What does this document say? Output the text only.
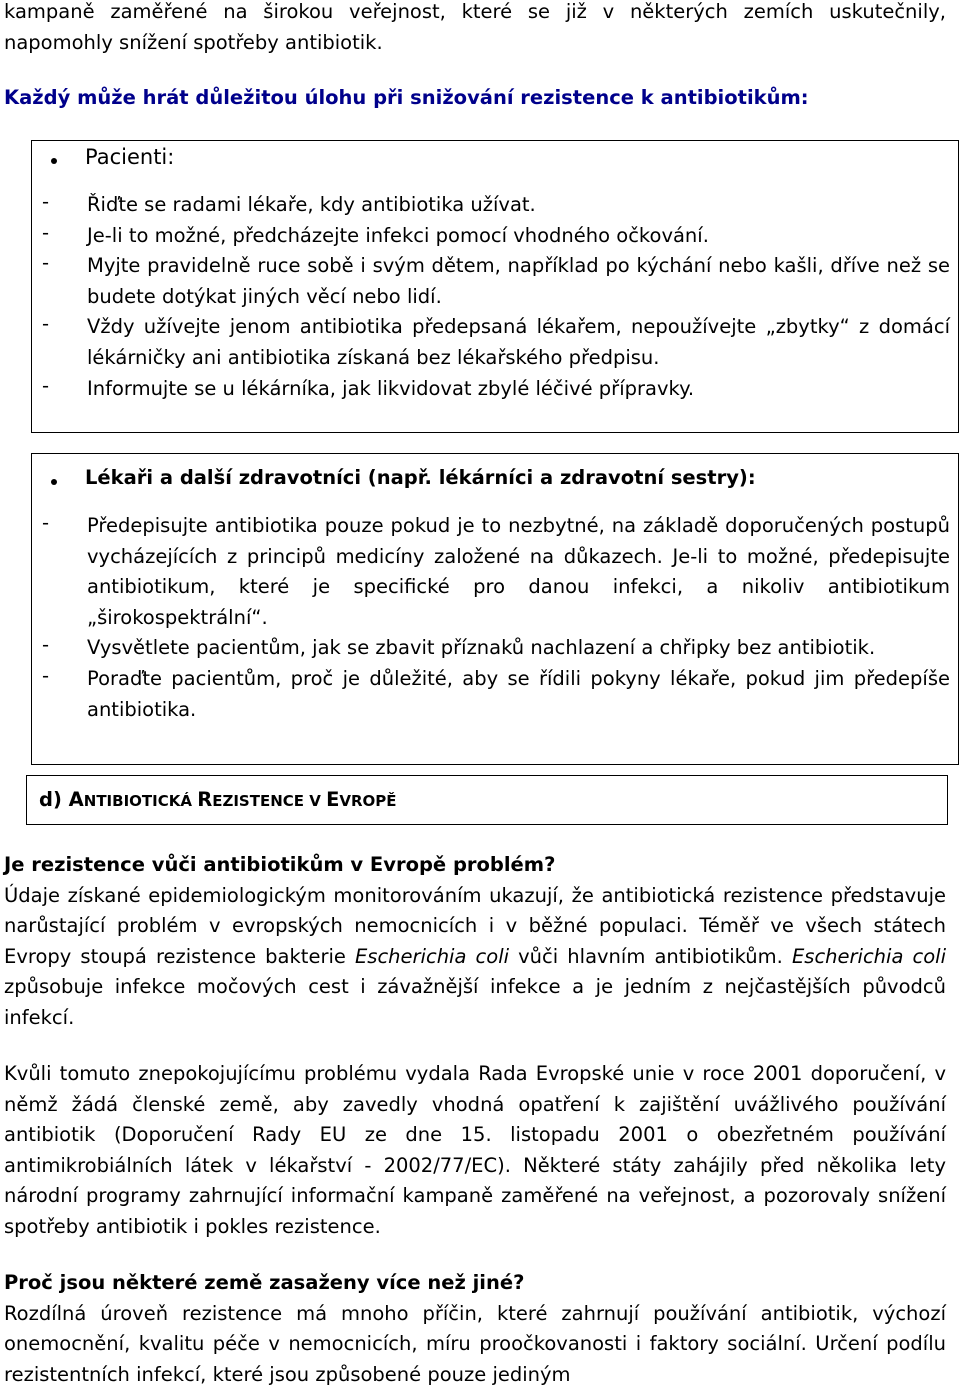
kampaně zaměřené na širokou veřejnost, které se již v některých zemích uskutečnily, napomohly snížení spotřeby antibiotik.

Každý může hrát důležitou úlohu při snižování rezistence k antibiotikům:

Pacienti:
- Řiďte se radami lékaře, kdy antibiotika užívat.

- Je-li to možné, předcházejte infekci pomocí vhodného očkování.

- Myjte pravidelně ruce sobě i svým dětem, například po kýchání nebo kašli, dříve než se budete dotýkat jiných věcí nebo lidí.

- Vždy užívejte jenom antibiotika předepsaná lékařem, nepoužívejte „zbytky“ z domácí lékárničky ani antibiotika získaná bez lékařského předpisu.

- Informujte se u lékárníka, jak likvidovat zbylé léčivé přípravky.

Lékaři a další zdravotníci (např. lékárníci a zdravotní sestry):
- Předepisujte antibiotika pouze pokud je to nezbytné, na základě doporučených postupů vycházejících z principů medicíny založené na důkazech. Je-li to možné, předepisujte antibiotikum, které je specifické pro danou infekci, a nikoliv antibiotikum „širokospektrální“.

- Vysvětlete pacientům, jak se zbavit příznaků nachlazení a chřipky bez antibiotik.

- Poraďte pacientům, proč je důležité, aby se řídili pokyny lékaře, pokud jim předepíše antibiotika.

d) ANTIBIOTICKÁ REZISTENCE V EVROPĚ

Je rezistence vůči antibiotikům v Evropě problém?

Údaje získané epidemiologickým monitorováním ukazují, že antibiotická rezistence představuje narůstající problém v evropských nemocnicích i v běžné populaci. Téměř ve všech státech Evropy stoupá rezistence bakterie Escherichia coli vůči hlavním antibiotikům. Escherichia coli způsobuje infekce močových cest i závažnější infekce a je jedním z nejčastějších původců infekcí.

Kvůli tomuto znepokojujícímu problému vydala Rada Evropské unie v roce 2001 doporučení, v němž žádá členské země, aby zavedly vhodná opatření k zajištění uvážlivého používání antibiotik (Doporučení Rady EU ze dne 15. listopadu 2001 o obezřetném používání antimikrobiálních látek v lékařství - 2002/77/EC). Některé státy zahájily před několika lety národní programy zahrnující informační kampaně zaměřené na veřejnost, a pozorovaly snížení spotřeby antibiotik i pokles rezistence.

Proč jsou některé země zasaženy více než jiné?

Rozdílná úroveň rezistence má mnoho příčin, které zahrnují používání antibiotik, výchozí onemocnění, kvalitu péče v nemocnicích, míru proočkovanosti i faktory sociální. Určení podílu rezistentních infekcí, které jsou způsobené pouze jediným
